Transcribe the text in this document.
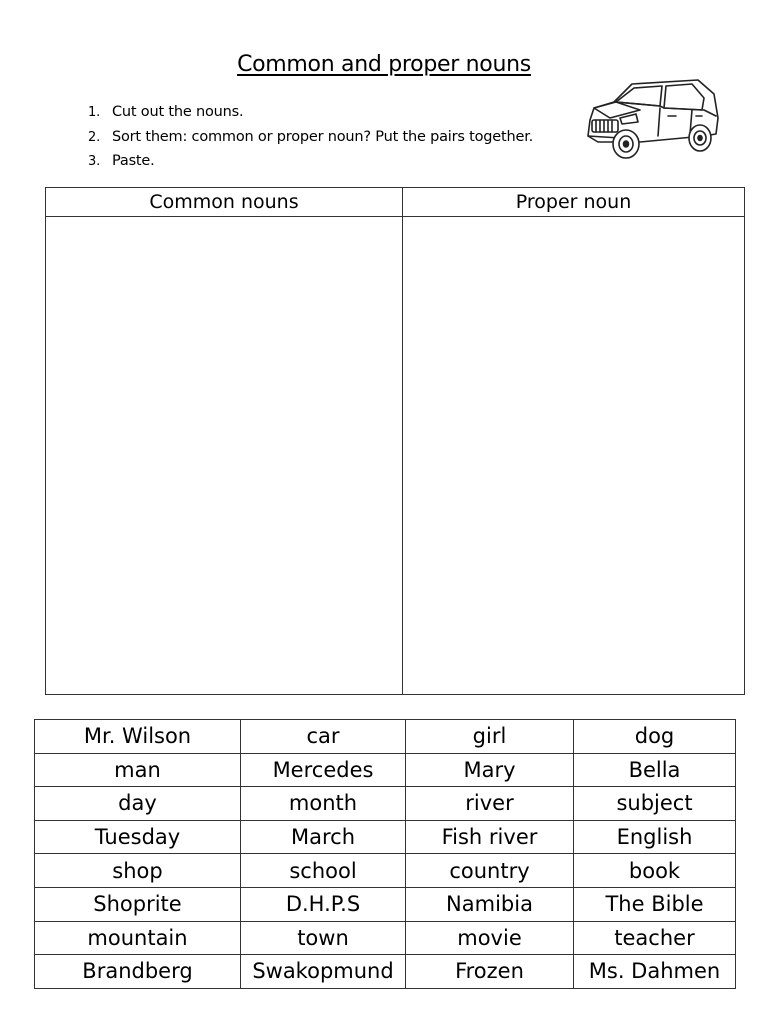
Common and proper nouns
1. Cut out the nouns.
2. Sort them: common or proper noun? Put the pairs together.
3. Paste.
Common nouns	Proper noun

Mr. Wilson	car	girl	dog
man	Mercedes	Mary	Bella
day	month	river	subject
Tuesday	March	Fish river	English
shop	school	country	book
Shoprite	D.H.P.S	Namibia	The Bible
mountain	town	movie	teacher
Brandberg	Swakopmund	Frozen	Ms. Dahmen
